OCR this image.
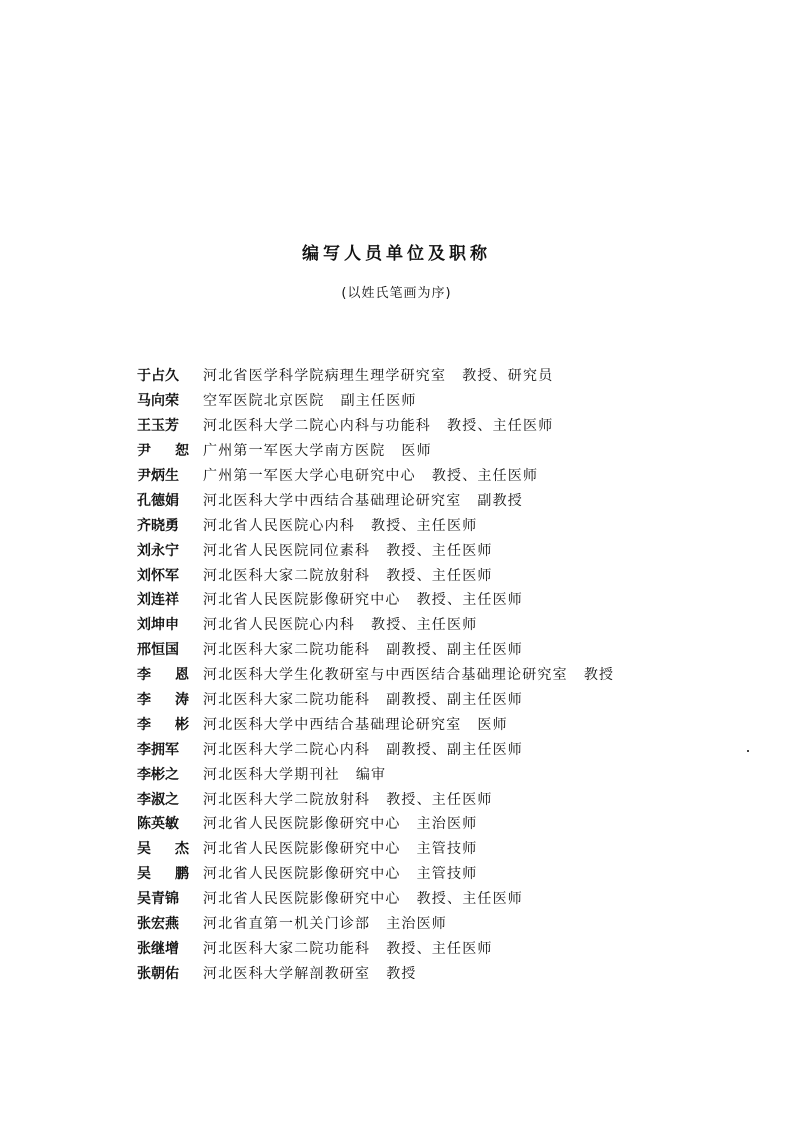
编写人员单位及职称
(以姓氏笔画为序)
于占久	河北省医学科学院病理生理学研究室 教授、研究员
马向荣	空军医院北京医院 副主任医师
王玉芳	河北医科大学二院心内科与功能科 教授、主任医师
尹 恕	广州第一军医大学南方医院 医师
尹炳生	广州第一军医大学心电研究中心 教授、主任医师
孔德娟	河北医科大学中西结合基础理论研究室 副教授
齐晓勇	河北省人民医院心内科 教授、主任医师
刘永宁	河北省人民医院同位素科 教授、主任医师
刘怀军	河北医科大家二院放射科 教授、主任医师
刘连祥	河北省人民医院影像研究中心 教授、主任医师
刘坤申	河北省人民医院心内科 教授、主任医师
邢恒国	河北医科大家二院功能科 副教授、副主任医师
李 恩	河北医科大学生化教研室与中西医结合基础理论研究室 教授
李 涛	河北医科大家二院功能科 副教授、副主任医师
李 彬	河北医科大学中西结合基础理论研究室 医师
李拥军	河北医科大学二院心内科 副教授、副主任医师
李彬之	河北医科大学期刊社 编审
李淑之	河北医科大学二院放射科 教授、主任医师
陈英敏	河北省人民医院影像研究中心 主治医师
吴 杰	河北省人民医院影像研究中心 主管技师
吴 鹏	河北省人民医院影像研究中心 主管技师
吴青锦	河北省人民医院影像研究中心 教授、主任医师
张宏燕	河北省直第一机关门诊部 主治医师
张继增	河北医科大家二院功能科 教授、主任医师
张朝佑	河北医科大学解剖教研室 教授
